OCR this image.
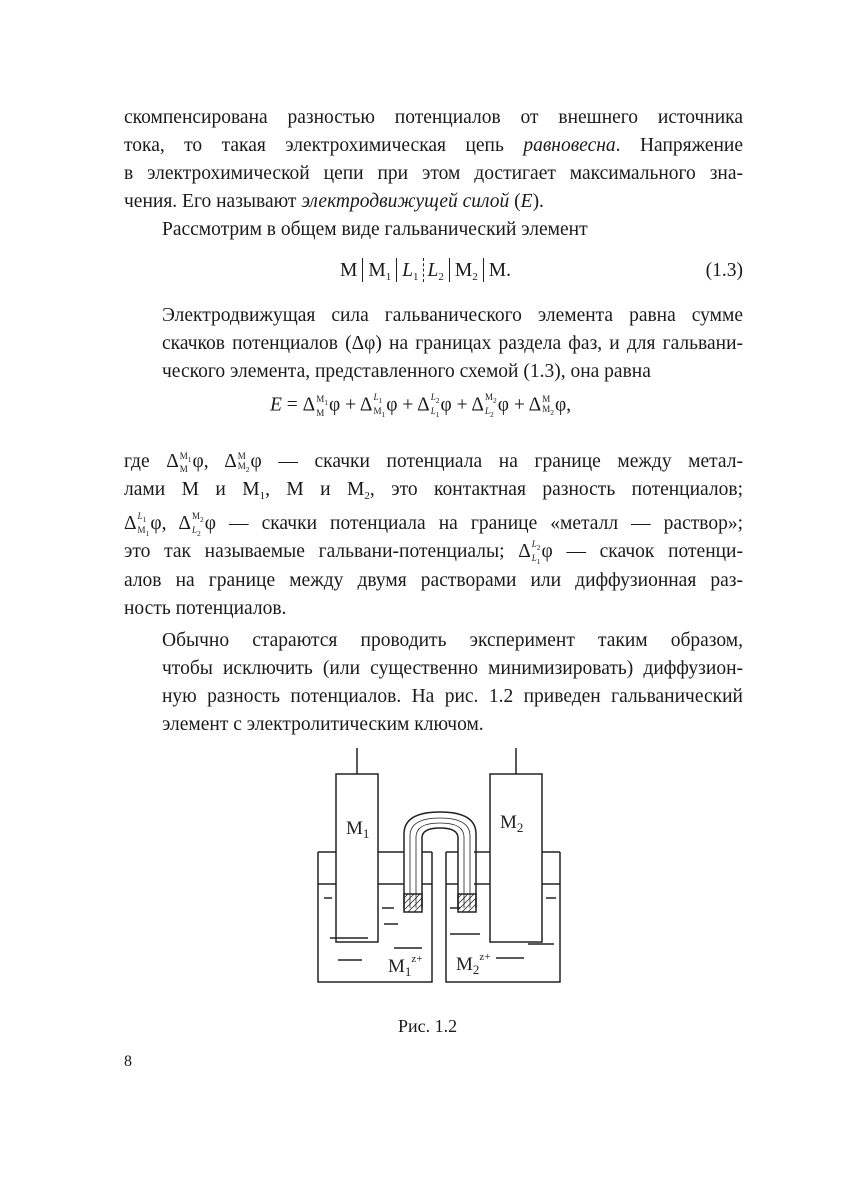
скомпенсирована разностью потенциалов от внешнего источника
тока, то такая электрохимическая цепь равновесна. Напряжение
в электрохимической цепи при этом достигает максимального зна-
чения. Его называют электродвижущей силой (E).

Рассмотрим в общем виде гальванический элемент

M $M_1$ $L_1$ $L_2$ $M_2$ M.	(1.3)

Электродвижущая сила гальванического элемента равна сумме
скачков потенциалов (Δφ) на границах раздела фаз, и для гальвани-
ческого элемента, представленного схемой (1.3), она равна

E = Δ $M_1$
M φ + Δ $L_1$
$M_1$ φ + Δ $L_2$
$L_1$ φ + Δ $M_2$
$L_2$ φ + Δ M
$M_2$ φ,

где Δ $M_1$
M φ, Δ M
$M_2$ φ — скачки потенциала на границе между метал-
лами М и $М_1$, М и $М_2$, это контактная разность потенциалов;
Δ $L_1$
$M_1$ φ, Δ $M_2$
$L_2$ φ — скачки потенциала на границе «металл — раствор»;
это так называемые гальвани-потенциалы; Δ $L_2$
$L_1$ φ — скачок потенци-
алов на границе между двумя растворами или диффузионная раз-
ность потенциалов.

Обычно стараются проводить эксперимент таким образом,
чтобы исключить (или существенно минимизировать) диффузион-
ную разность потенциалов. На рис. 1.2 приведен гальванический
элемент с электролитическим ключом.

$M_1$
$M_2$
$M_1^{z+}$ $M_2^{z+}$
Рис. 1.2
8
